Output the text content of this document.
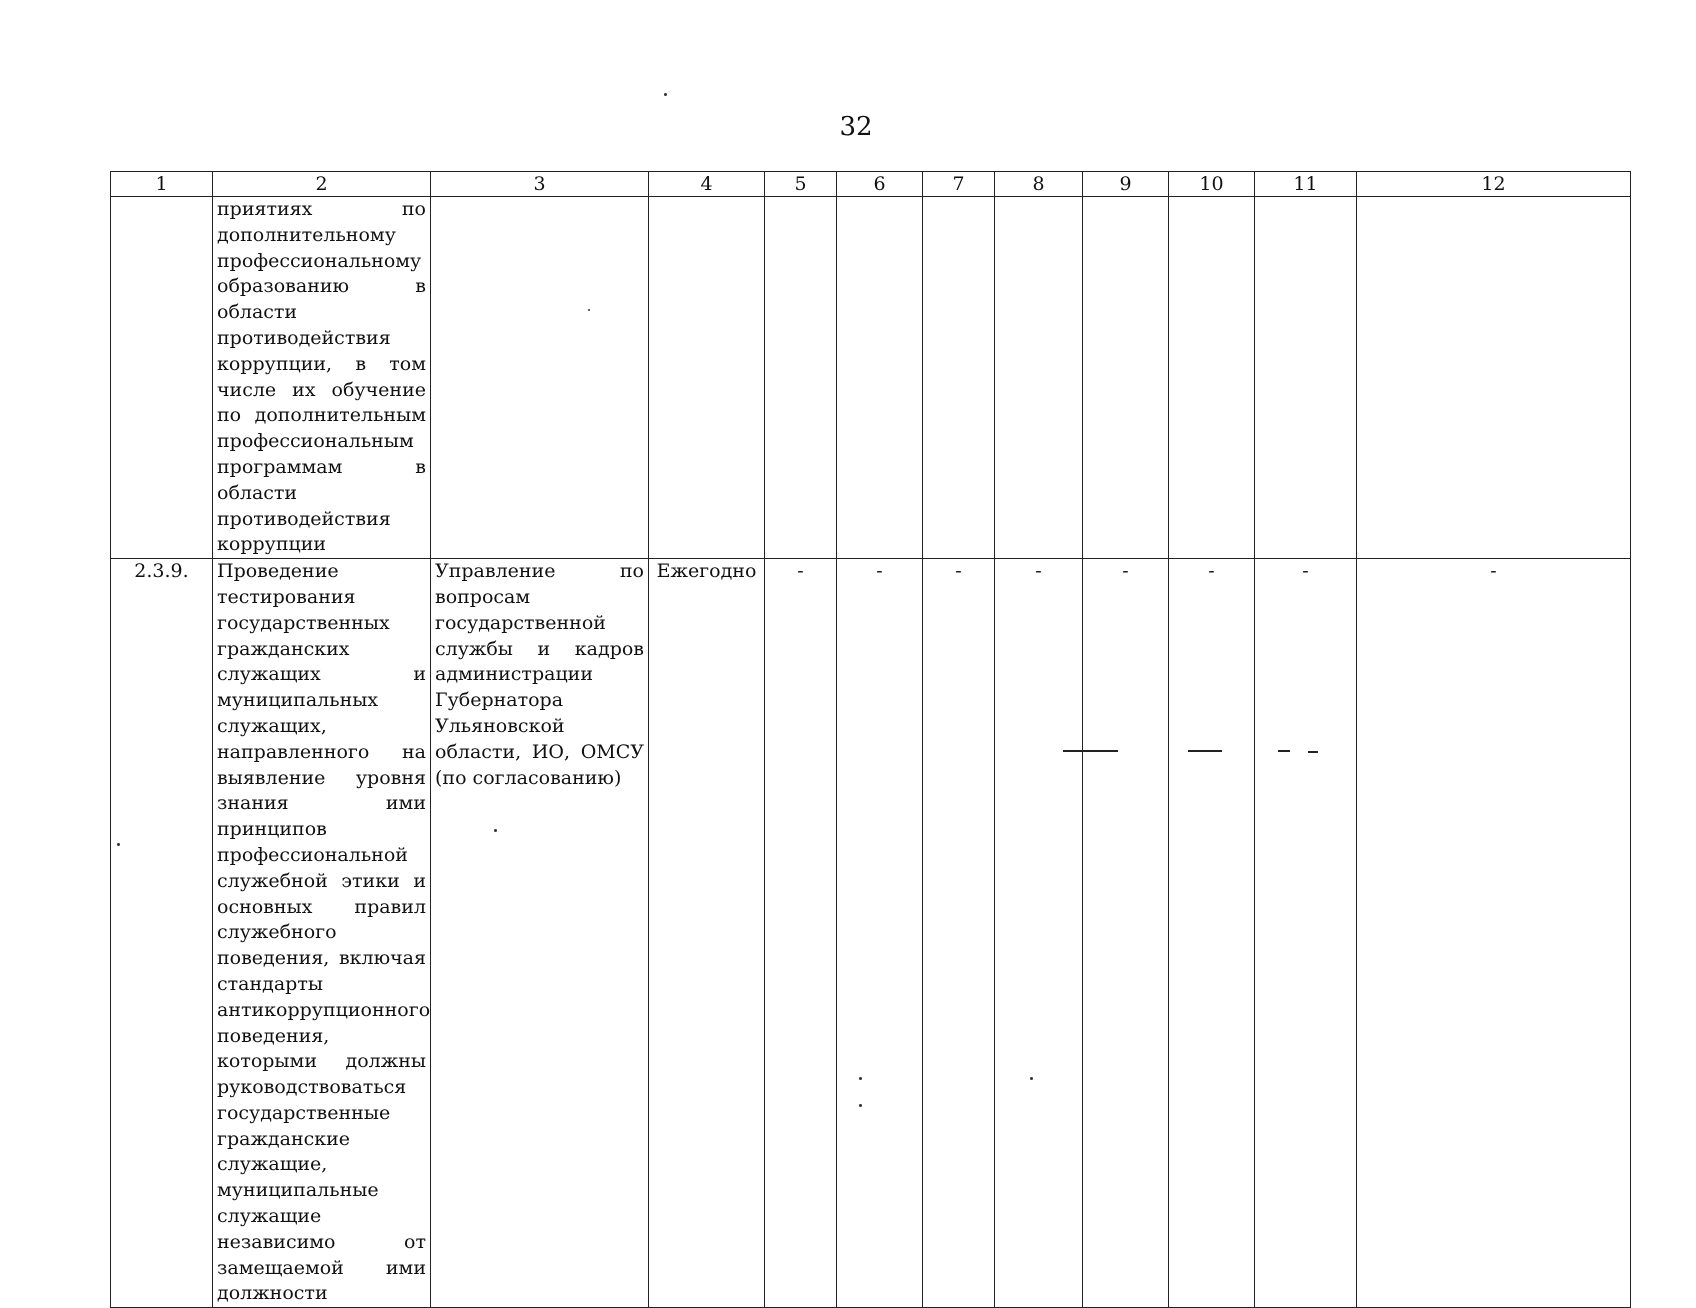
32
1	2	3	4	5	6	7	8	9	10	11	12
	приятиях по дополнительному профессиональному образованию в области противодействия коррупции, в том числе их обучение по дополнительным профессиональным программам в области противодействия коррупции										
2.3.9.	Проведение тестирования государственных гражданских служащих и муниципальных служащих, направленного на выявление уровня знания ими принципов профессиональной служебной этики и основных правил служебного поведения, включая стандарты антикоррупционного поведения, которыми должны руководствоваться государственные гражданские служащие, муниципальные служащие независимо от замещаемой ими должности	Управление по вопросам государственной службы и кадров администрации Губернатора Ульяновской области, ИО, ОМСУ (по согласованию)	Ежегодно	-	-	-	-	-	-	-	-
